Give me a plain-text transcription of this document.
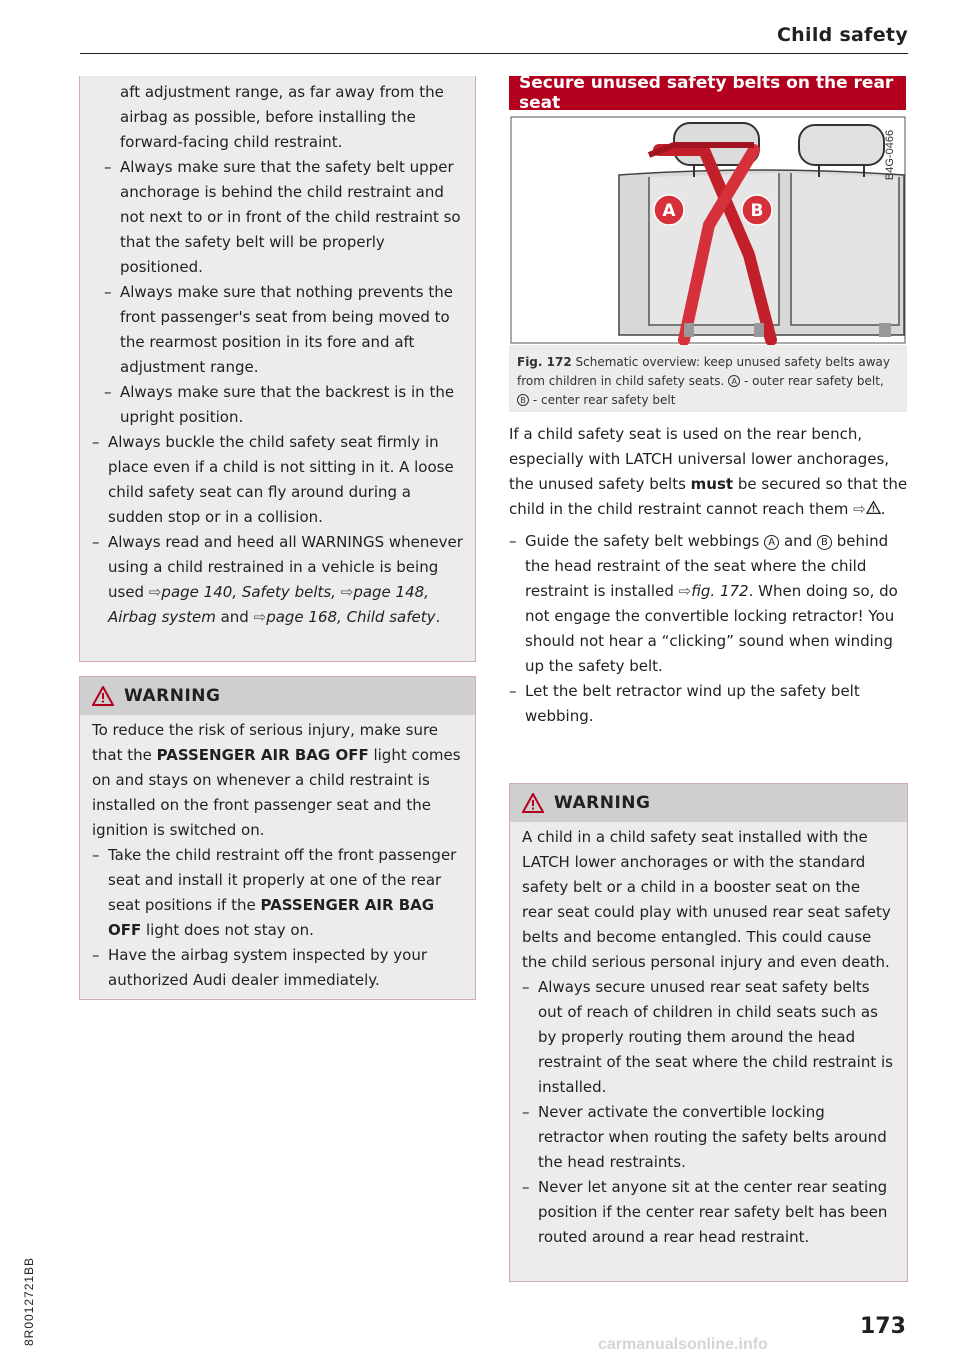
Child safety
8R0012721BB
aft adjustment range, as far away from the airbag as possible, before installing the forward-facing child restraint.
– Always make sure that the safety belt upper anchorage is behind the child restraint and not next to or in front of the child restraint so that the safety belt will be properly positioned.
– Always make sure that nothing prevents the front passenger's seat from being moved to the rearmost position in its fore and aft adjustment range.
– Always make sure that the backrest is in the upright position.
– Always buckle the child safety seat firmly in place even if a child is not sitting in it. A loose child safety seat can fly around during a sudden stop or in a collision.
– Always read and heed all WARNINGS whenever using a child restrained in a vehicle is being used ⇨page 140, Safety belts, ⇨page 148, Airbag system and ⇨page 168, Child safety.
WARNING

To reduce the risk of serious injury, make sure that the PASSENGER AIR BAG OFF light comes on and stays on whenever a child restraint is installed on the front passenger seat and the ignition is switched on.

– Take the child restraint off the front passenger seat and install it properly at one of the rear seat positions if the PASSENGER AIR BAG OFF light does not stay on.
– Have the airbag system inspected by your authorized Audi dealer immediately.
Secure unused safety belts on the rear seat
A	B
B4G-0466
Fig. 172 Schematic overview: keep unused safety belts away from children in child safety seats. A - outer rear safety belt, B - center rear safety belt

If a child safety seat is used on the rear bench, especially with LATCH universal lower anchorages, the unused safety belts must be secured so that the child in the child restraint cannot reach them ⇨ .

– Guide the safety belt webbings A and B behind the head restraint of the seat where the child restraint is installed ⇨fig. 172. When doing so, do not engage the convertible locking retractor! You should not hear a “clicking” sound when winding up the safety belt.
– Let the belt retractor wind up the safety belt webbing.
WARNING

A child in a child safety seat installed with the LATCH lower anchorages or with the standard safety belt or a child in a booster seat on the rear seat could play with unused rear seat safety belts and become entangled. This could cause the child serious personal injury and even death.

– Always secure unused rear seat safety belts out of reach of children in child seats such as by properly routing them around the head restraint of the seat where the child restraint is installed.
– Never activate the convertible locking retractor when routing the safety belts around the head restraints.
– Never let anyone sit at the center rear seating position if the center rear safety belt has been routed around a rear head restraint.
173
carmanualsonline.info
